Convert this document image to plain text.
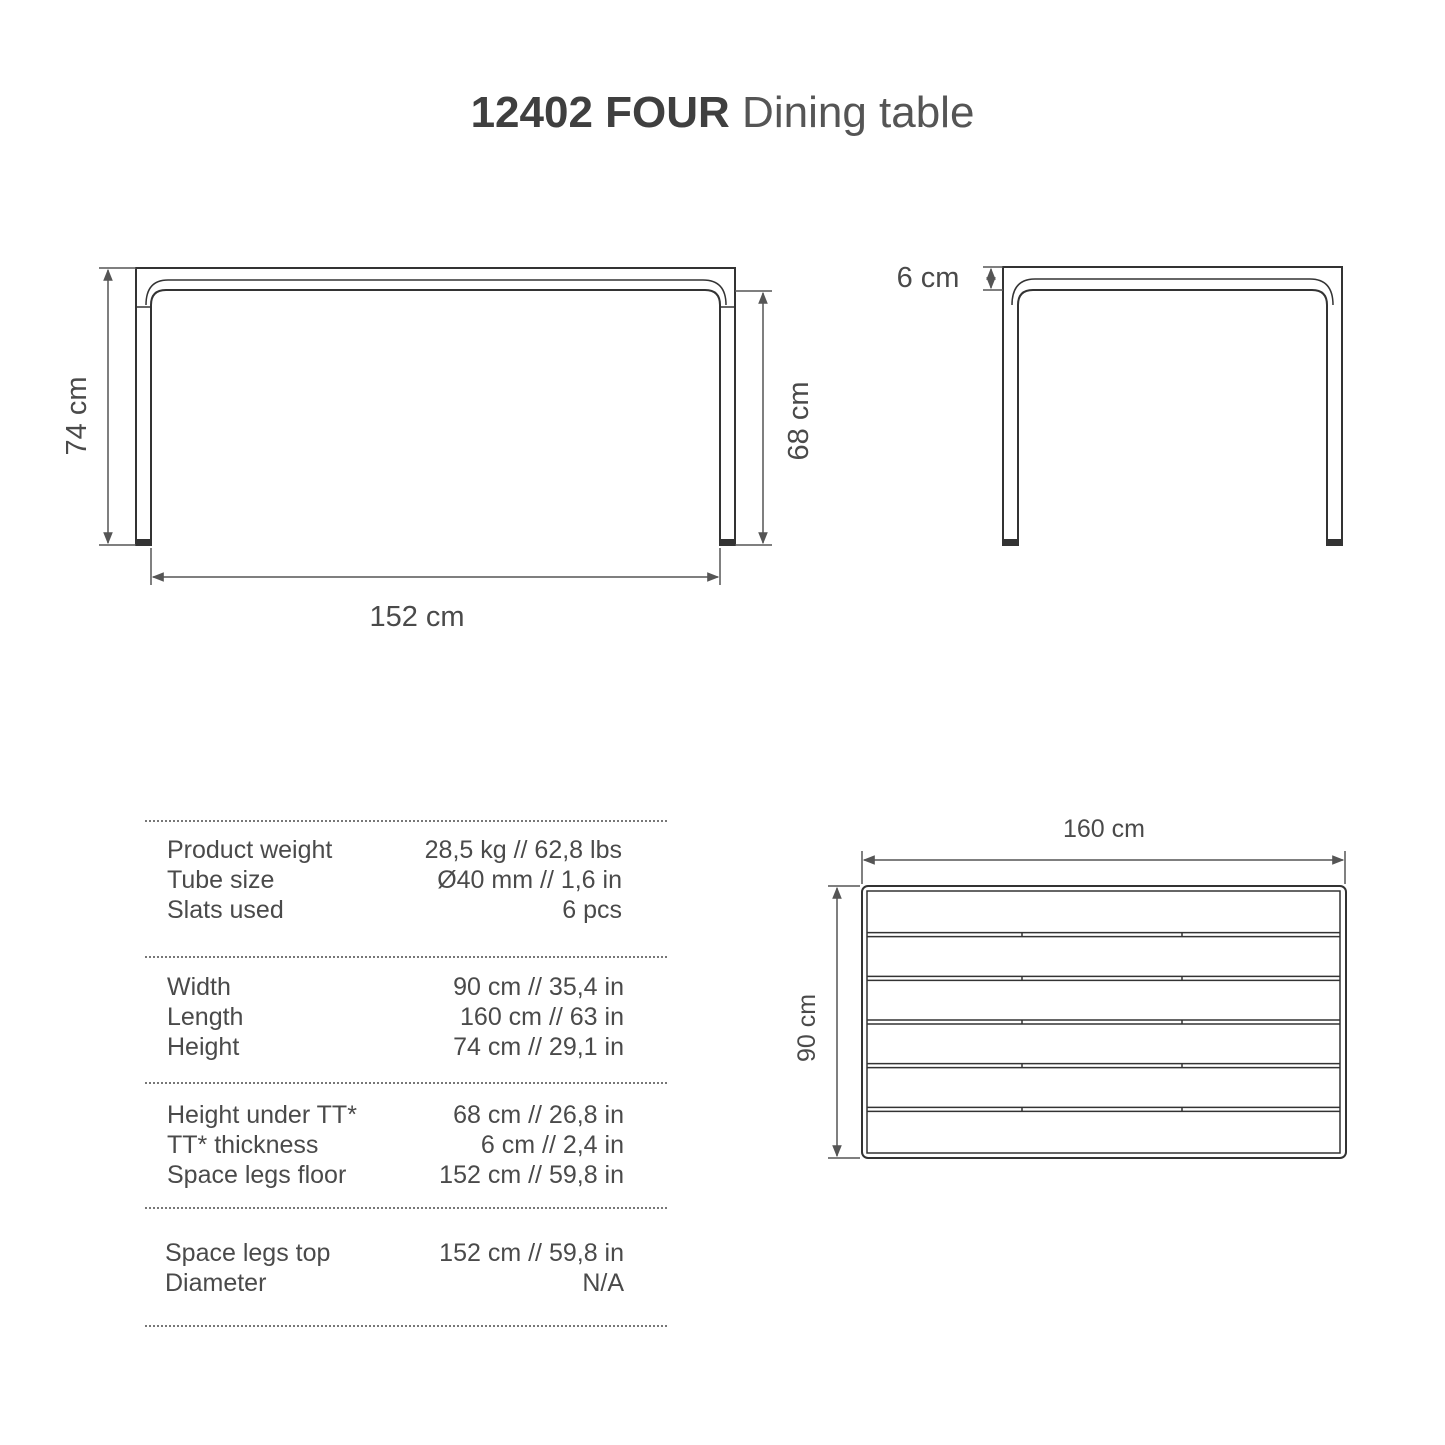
12402 FOUR Dining table
74 cm	68 cm
152 cm
6 cm
160 cm
90 cm
Product weight	28,5 kg // 62,8 lbs
Tube size	Ø40 mm // 1,6 in
Slats used	6 pcs
Width	90 cm // 35,4 in
Length	160 cm // 63 in
Height	74 cm // 29,1 in
Height under TT*	68 cm // 26,8 in
TT* thickness	6 cm // 2,4 in
Space legs floor	152 cm // 59,8 in
Space legs top	152 cm // 59,8 in
Diameter	N/A
